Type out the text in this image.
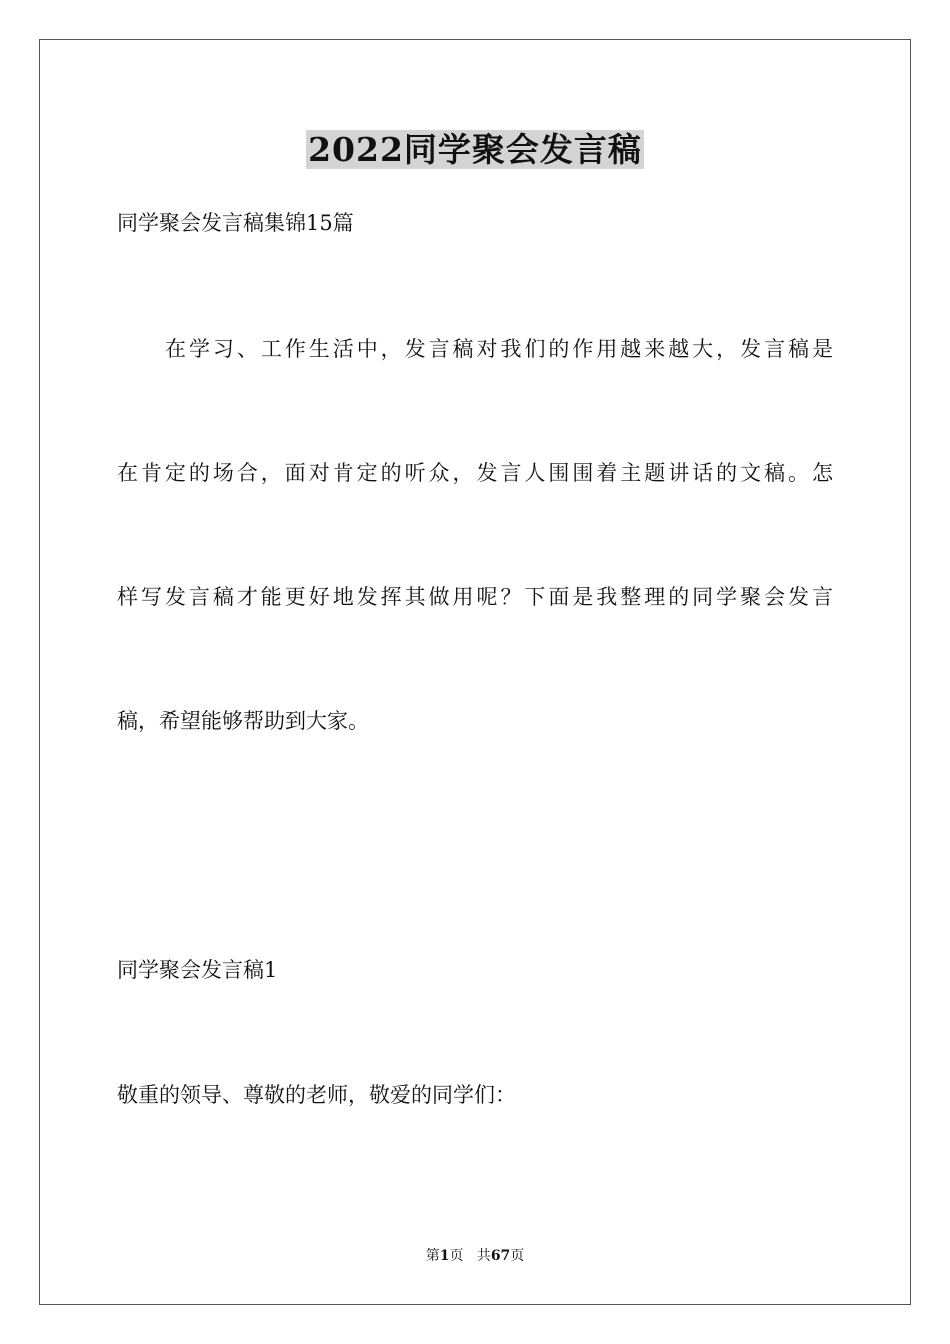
2022同学聚会发言稿
同学聚会发言稿集锦15篇
在学习、工作生活中，发言稿对我们的作用越来越大，发言稿是
在肯定的场合，面对肯定的听众，发言人围围着主题讲话的文稿。怎
样写发言稿才能更好地发挥其做用呢？下面是我整理的同学聚会发言
稿，希望能够帮助到大家。
同学聚会发言稿1
敬重的领导、尊敬的老师，敬爱的同学们：
第1页 共67页
